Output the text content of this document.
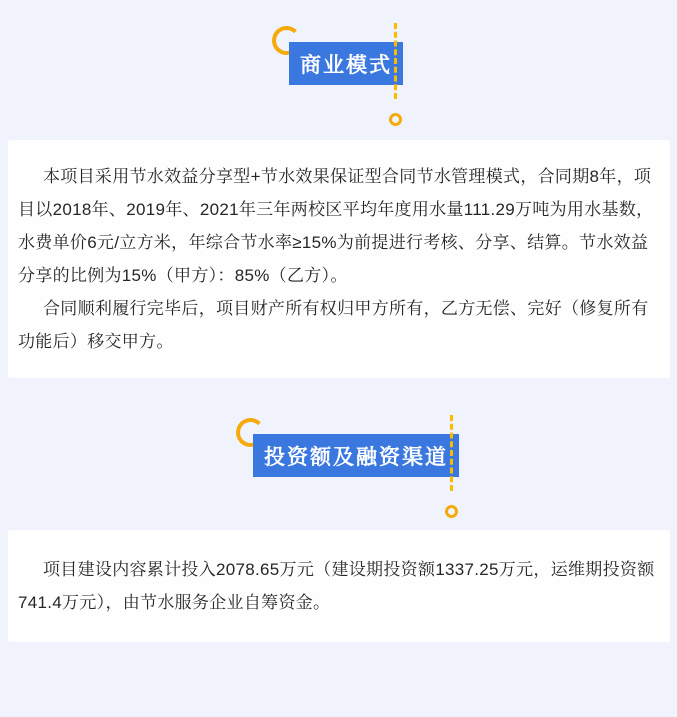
商业模式

本项目采用节水效益分享型+节水效果保证型合同节水管理模式，合同期8年，项目以2018年、2019年、2021年三年两校区平均年度用水量111.29万吨为用水基数，水费单价6元/立方米，年综合节水率≥15%为前提进行考核、分享、结算。节水效益分享的比例为15%（甲方）：85%（乙方）。

合同顺利履行完毕后，项目财产所有权归甲方所有，乙方无偿、完好（修复所有功能后）移交甲方。

投资额及融资渠道

项目建设内容累计投入2078.65万元（建设期投资额1337.25万元，运维期投资额741.4万元），由节水服务企业自筹资金。
